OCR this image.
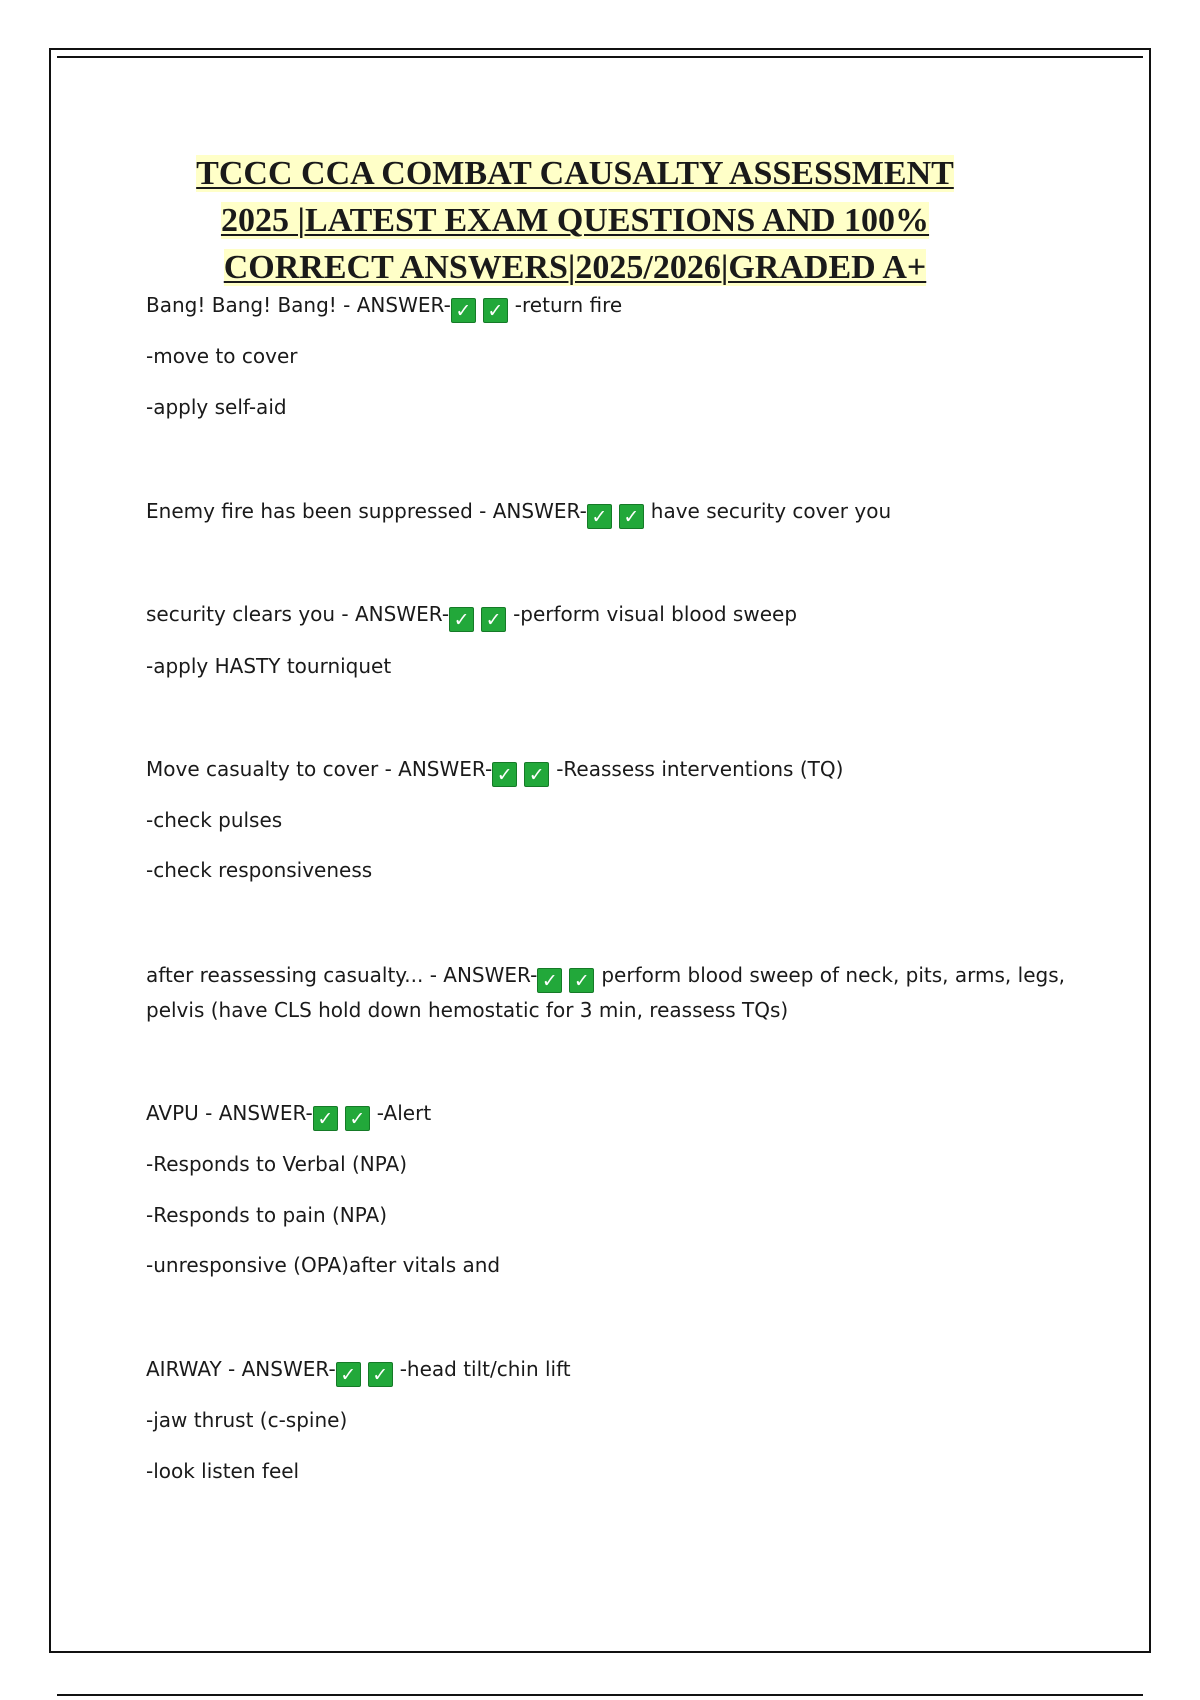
TCCC CCA COMBAT CAUSALTY ASSESSMENT
2025 |LATEST EXAM QUESTIONS AND 100%
CORRECT ANSWERS|2025/2026|GRADED A+
Bang! Bang! Bang! - ANSWER- ✓ ✓ -return fire
-move to cover
-apply self-aid
Enemy fire has been suppressed - ANSWER- ✓ ✓ have security cover you
security clears you - ANSWER- ✓ ✓ -perform visual blood sweep
-apply HASTY tourniquet
Move casualty to cover - ANSWER- ✓ ✓ -Reassess interventions (TQ)
-check pulses
-check responsiveness
after reassessing casualty... - ANSWER- ✓ ✓ perform blood sweep of neck, pits, arms, legs, pelvis (have CLS hold down hemostatic for 3 min, reassess TQs)
AVPU - ANSWER- ✓ ✓ -Alert
-Responds to Verbal (NPA)
-Responds to pain (NPA)
-unresponsive (OPA)after vitals and
AIRWAY - ANSWER- ✓ ✓ -head tilt/chin lift
-jaw thrust (c-spine)
-look listen feel
